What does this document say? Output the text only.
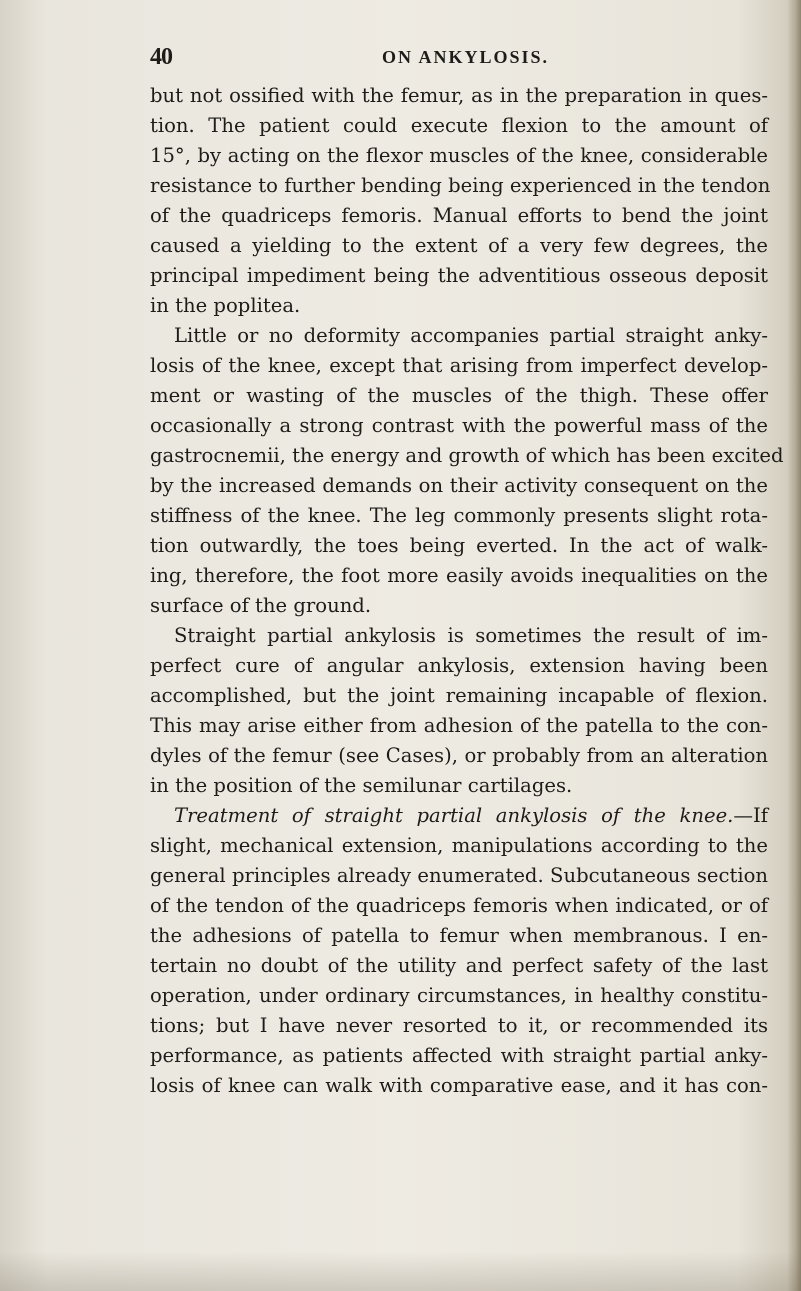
40	ON ANKYLOSIS.
but not ossified with the femur, as in the preparation in ques-
tion. The patient could execute flexion to the amount of
15°, by acting on the flexor muscles of the knee, considerable
resistance to further bending being experienced in the tendon
of the quadriceps femoris. Manual efforts to bend the joint
caused a yielding to the extent of a very few degrees, the
principal impediment being the adventitious osseous deposit
in the poplitea.
Little or no deformity accompanies partial straight anky-
losis of the knee, except that arising from imperfect develop-
ment or wasting of the muscles of the thigh. These offer
occasionally a strong contrast with the powerful mass of the
gastrocnemii, the energy and growth of which has been excited
by the increased demands on their activity consequent on the
stiffness of the knee. The leg commonly presents slight rota-
tion outwardly, the toes being everted. In the act of walk-
ing, therefore, the foot more easily avoids inequalities on the
surface of the ground.
Straight partial ankylosis is sometimes the result of im-
perfect cure of angular ankylosis, extension having been
accomplished, but the joint remaining incapable of flexion.
This may arise either from adhesion of the patella to the con-
dyles of the femur (see Cases), or probably from an alteration
in the position of the semilunar cartilages.
Treatment of straight partial ankylosis of the knee.—If
slight, mechanical extension, manipulations according to the
general principles already enumerated. Subcutaneous section
of the tendon of the quadriceps femoris when indicated, or of
the adhesions of patella to femur when membranous. I en-
tertain no doubt of the utility and perfect safety of the last
operation, under ordinary circumstances, in healthy constitu-
tions; but I have never resorted to it, or recommended its
performance, as patients affected with straight partial anky-
losis of knee can walk with comparative ease, and it has con-
